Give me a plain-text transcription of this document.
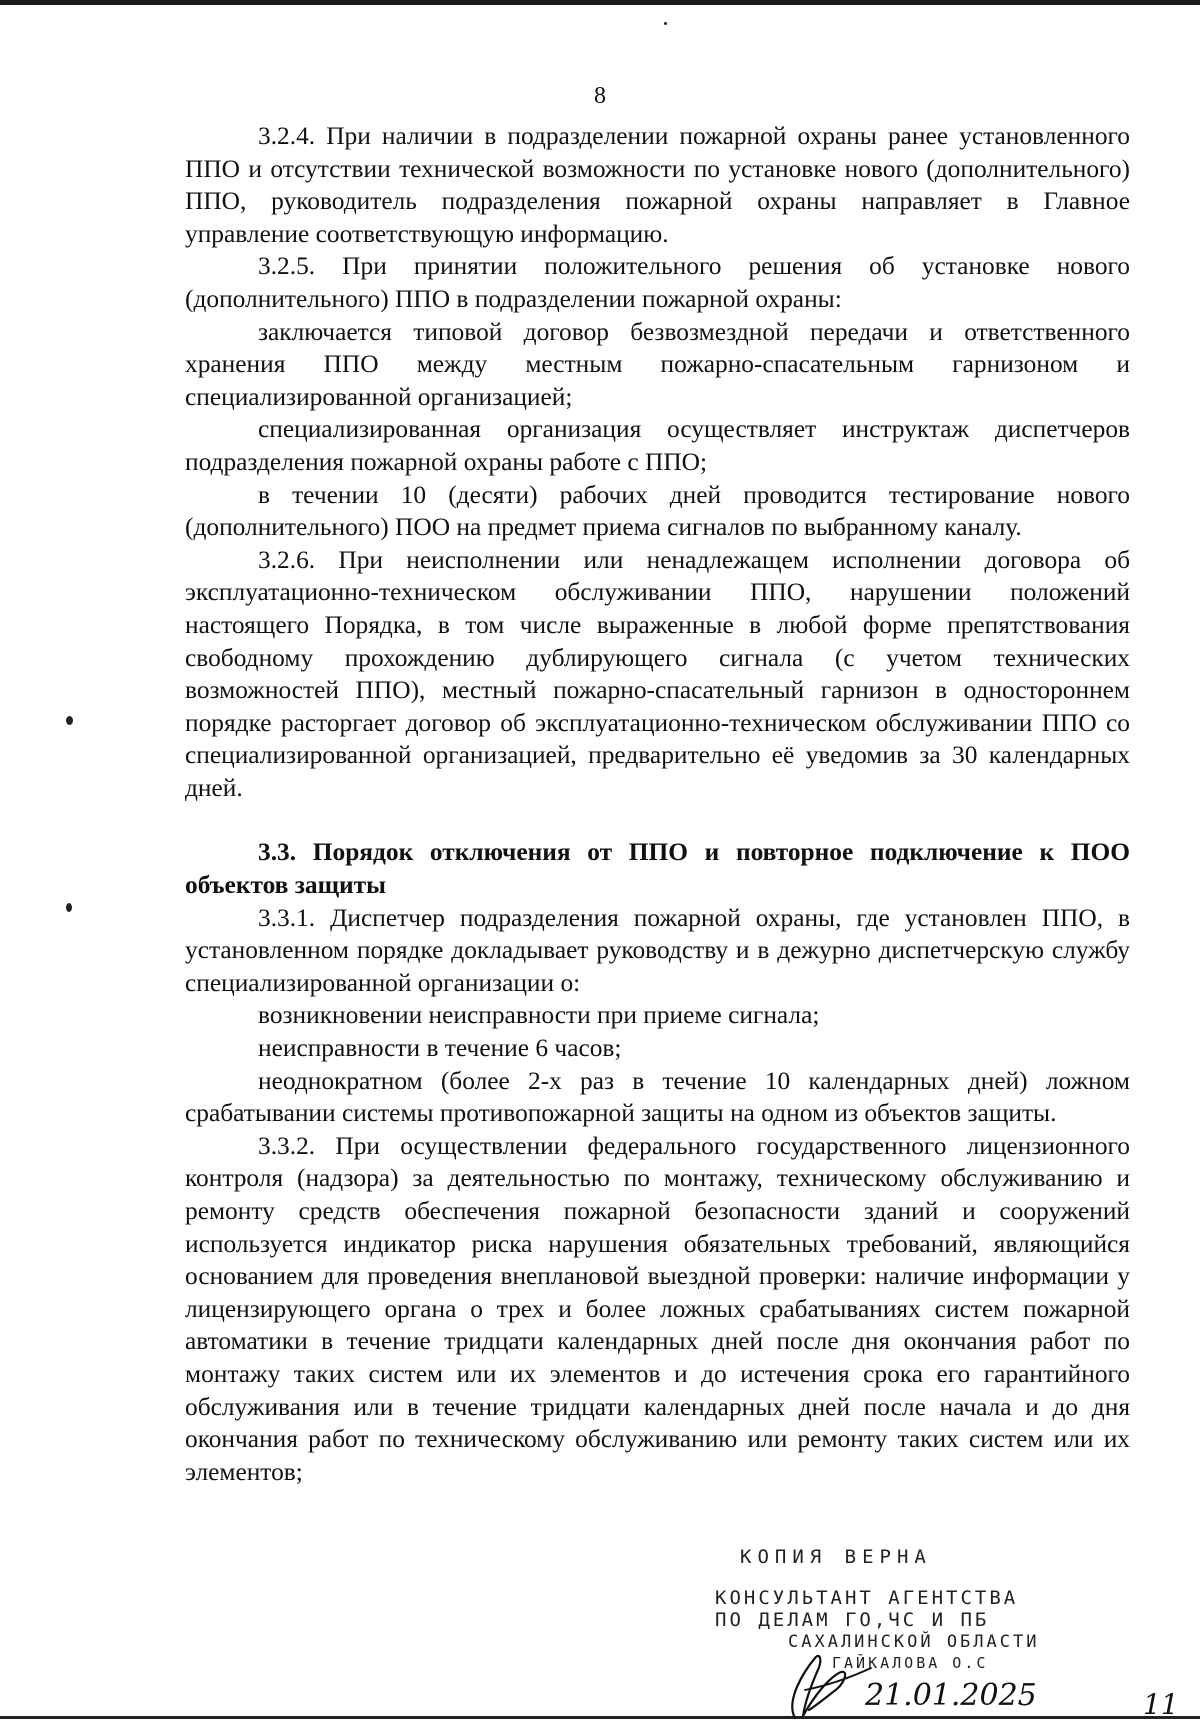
8

3.2.4. При наличии в подразделении пожарной охраны ранее установленного ППО и отсутствии технической возможности по установке нового (дополнительного) ППО, руководитель подразделения пожарной охраны направляет в Главное управление соответствующую информацию.

3.2.5. При принятии положительного решения об установке нового (дополнительного) ППО в подразделении пожарной охраны:

заключается типовой договор безвозмездной передачи и ответственного хранения ППО между местным пожарно-спасательным гарнизоном и специализированной организацией;

специализированная организация осуществляет инструктаж диспетчеров подразделения пожарной охраны работе с ППО;

в течении 10 (десяти) рабочих дней проводится тестирование нового (дополнительного) ПОО на предмет приема сигналов по выбранному каналу.

3.2.6. При неисполнении или ненадлежащем исполнении договора об эксплуатационно-техническом обслуживании ППО, нарушении положений настоящего Порядка, в том числе выраженные в любой форме препятствования свободному прохождению дублирующего сигнала (с учетом технических возможностей ППО), местный пожарно-спасательный гарнизон в одностороннем порядке расторгает договор об эксплуатационно-техническом обслуживании ППО со специализированной организацией, предварительно её уведомив за 30 календарных дней.

3.3. Порядок отключения от ППО и повторное подключение к ПОО объектов защиты

3.3.1. Диспетчер подразделения пожарной охраны, где установлен ППО, в установленном порядке докладывает руководству и в дежурно диспетчерскую службу специализированной организации о:

возникновении неисправности при приеме сигнала;

неисправности в течение 6 часов;

неоднократном (более 2-х раз в течение 10 календарных дней) ложном срабатывании системы противопожарной защиты на одном из объектов защиты.

3.3.2. При осуществлении федерального государственного лицензионного контроля (надзора) за деятельностью по монтажу, техническому обслуживанию и ремонту средств обеспечения пожарной безопасности зданий и сооружений используется индикатор риска нарушения обязательных требований, являющийся основанием для проведения внеплановой выездной проверки: наличие информации у лицензирующего органа о трех и более ложных срабатываниях систем пожарной автоматики в течение тридцати календарных дней после дня окончания работ по монтажу таких систем или их элементов и до истечения срока его гарантийного обслуживания или в течение тридцати календарных дней после начала и до дня окончания работ по техническому обслуживанию или ремонту таких систем или их элементов;

КОПИЯ ВЕРНА
КОНСУЛЬТАНТ АГЕНТСТВА
ПО ДЕЛАМ ГО,ЧС И ПБ
САХАЛИНСКОЙ ОБЛАСТИ
ГАЙКАЛОВА О.С
21.01.2025	11
